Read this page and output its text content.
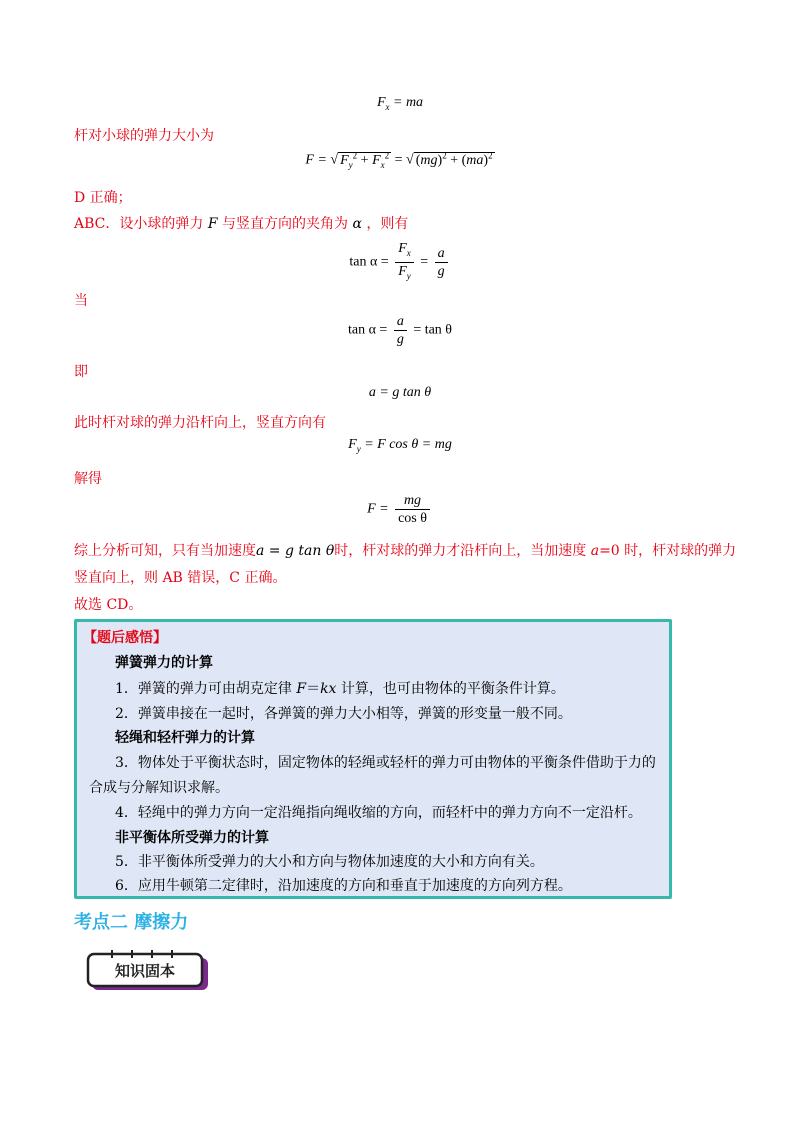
$F_x$ = ma
杆对小球的弹力大小为
F = √ $F_y^2 + F_x^2$ = √ (mg)$^2$ + (ma)$^2$
D 正确；
ABC．设小球的弹力 F 与竖直方向的夹角为 α ，则有
$\tan \alpha = \frac{F_x}{F_y} = \frac{a}{g}$
当
$\tan \alpha = \frac{a}{g} = \tan \theta$
即
a = g tan θ
此时杆对球的弹力沿杆向上，竖直方向有
$F_y = F$ cos θ = mg
解得
$F = \frac{mg}{\text{cos θ}}$
综上分析可知，只有当加速度a = g tan θ时，杆对球的弹力才沿杆向上，当加速度 a=0 时，杆对球的弹力
竖直向上，则 AB 错误，C 正确。
故选 CD。
【题后感悟】
弹簧弹力的计算
1．弹簧的弹力可由胡克定律 F＝kx 计算，也可由物体的平衡条件计算。
2．弹簧串接在一起时，各弹簧的弹力大小相等，弹簧的形变量一般不同。
轻绳和轻杆弹力的计算
3．物体处于平衡状态时，固定物体的轻绳或轻杆的弹力可由物体的平衡条件借助于力的
合成与分解知识求解。
4．轻绳中的弹力方向一定沿绳指向绳收缩的方向，而轻杆中的弹力方向不一定沿杆。
非平衡体所受弹力的计算
5．非平衡体所受弹力的大小和方向与物体加速度的大小和方向有关。
6．应用牛顿第二定律时，沿加速度的方向和垂直于加速度的方向列方程。
考点二 摩擦力
知识固本
